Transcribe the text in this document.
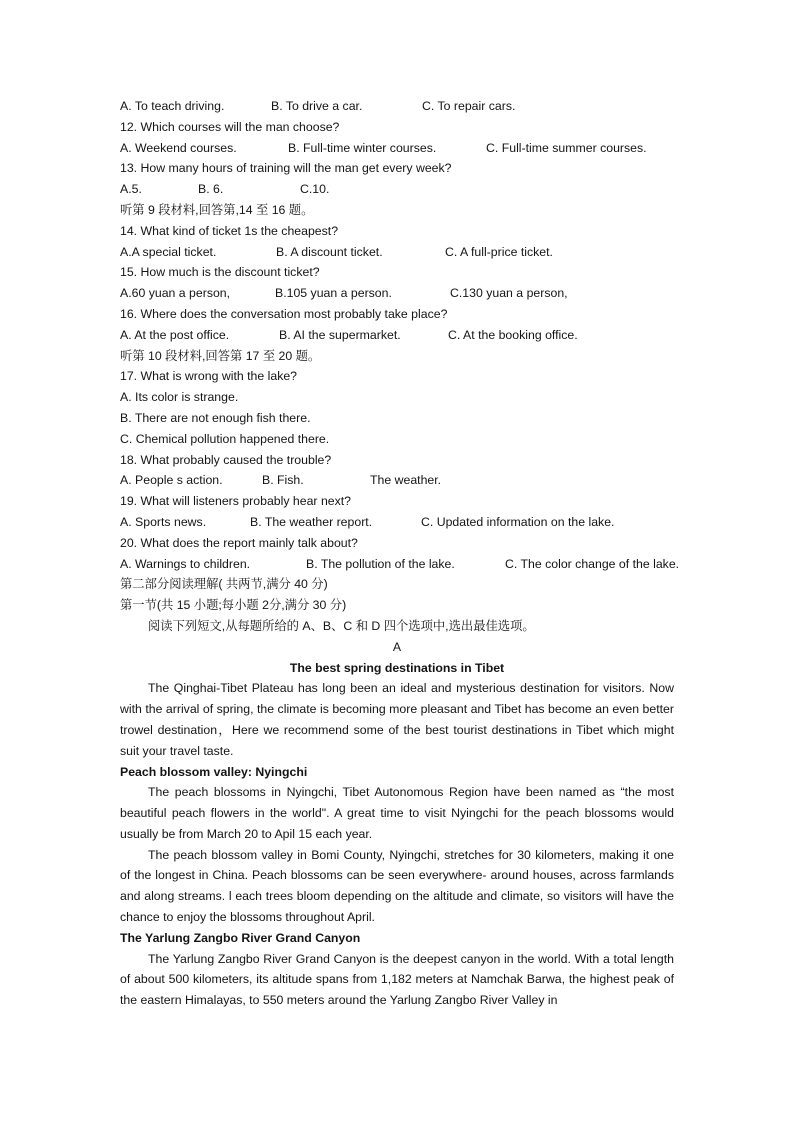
A. To teach driving.	B. To drive a car.	C. To repair cars.
12. Which courses will the man choose?
A. Weekend courses.	B. Full-time winter courses.	C. Full-time summer courses.
13. How many hours of training will the man get every week?
A.5.	B. 6.	C.10.
听第 9 段材料,回答第,14 至 16 题。
14. What kind of ticket 1s the cheapest?
A.A special ticket.	B. A discount ticket.	C. A full-price ticket.
15. How much is the discount ticket?
A.60 yuan a person,	B.105 yuan a person.	C.130 yuan a person,
16. Where does the conversation most probably take place?
A. At the post office.	B. AI the supermarket.	C. At the booking office.
听第 10 段材料,回答第 17 至 20 题。
17. What is wrong with the lake?
A. Its color is strange.
B. There are not enough fish there.
C. Chemical pollution happened there.
18. What probably caused the trouble?
A. People s action.	B. Fish.	The weather.
19. What will listeners probably hear next?
A. Sports news.	B. The weather report.	C. Updated information on the lake.
20. What does the report mainly talk about?
A. Warnings to children.	B. The pollution of the lake.	C. The color change of the lake.
第二部分阅读理解( 共两节,满分 40 分)
第一节(共 15 小题;每小题 2分,满分 30 分)
阅读下列短文,从每题所给的 A、B、C 和 D 四个选项中,选出最佳选项。
A
The best spring destinations in Tibet

The Qinghai-Tibet Plateau has long been an ideal and mysterious destination for visitors. Now with the arrival of spring, the climate is becoming more pleasant and Tibet has become an even better trowel destination，Here we recommend some of the best tourist destinations in Tibet which might suit your travel taste.

Peach blossom valley: Nyingchi

The peach blossoms in Nyingchi, Tibet Autonomous Region have been named as “the most beautiful peach flowers in the world". A great time to visit Nyingchi for the peach blossoms would usually be from March 20 to Apil 15 each year.

The peach blossom valley in Bomi County, Nyingchi, stretches for 30 kilometers, making it one of the longest in China. Peach blossoms can be seen everywhere- around houses, across farmlands and along streams. l each trees bloom depending on the altitude and climate, so visitors will have the chance to enjoy the blossoms throughout April.

The Yarlung Zangbo River Grand Canyon

The Yarlung Zangbo River Grand Canyon is the deepest canyon in the world. With a total length of about 500 kilometers, its altitude spans from 1,182 meters at Namchak Barwa, the highest peak of the eastern Himalayas, to 550 meters around the Yarlung Zangbo River Valley in
